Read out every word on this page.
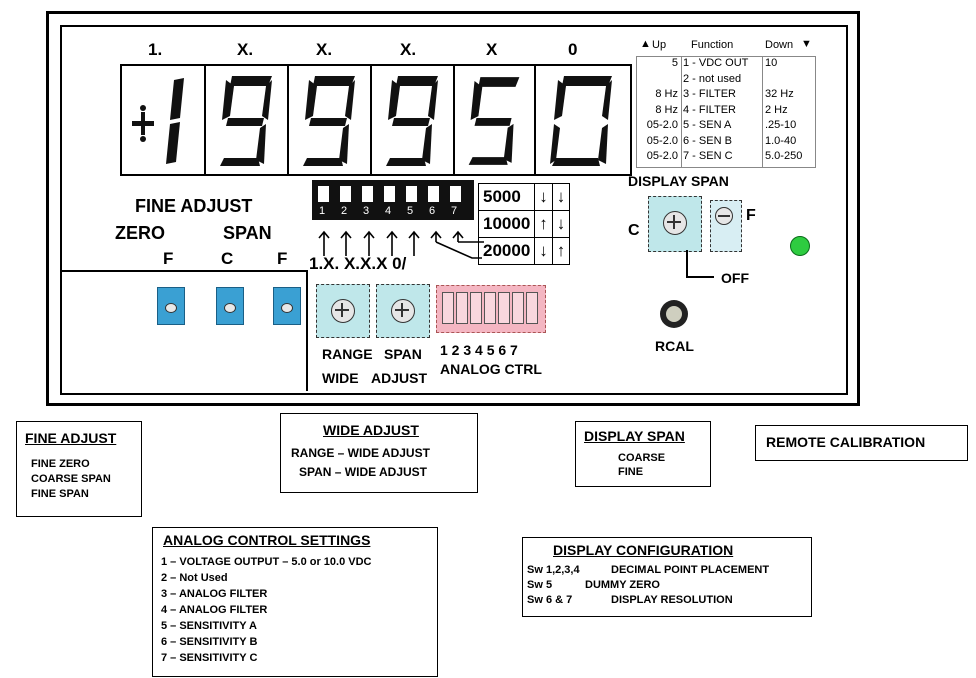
1.	X.	X.	X.	X	0	▲ Up Function	Down ▼
5 1 - VDC OUT 10
2 - not used
8 Hz 3 - FILTER	32 Hz
8 Hz 4 - FILTER	2 Hz
05-2.0 5 - SEN A	.25-10
05-2.0 6 - SEN B	1.0-40
05-2.0 7 - SEN C	5.0-250
DISPLAY SPAN
C
F
OFF
RCAL
FINE ADJUST
ZERO	SPAN
F	C	F
1 2 3 4 5 6 7
1.X. X.X.X 0/
5000	↓	↓
10000	↑	↓
20000	↓	↑
RANGE SPAN
WIDE ADJUST
1 2 3 4 5 6 7
ANALOG CTRL
FINE ADJUST
FINE ZERO
COARSE SPAN
FINE SPAN
WIDE ADJUST
RANGE – WIDE ADJUST
SPAN – WIDE ADJUST
DISPLAY SPAN
COARSE
FINE
REMOTE CALIBRATION
ANALOG CONTROL SETTINGS
1 – VOLTAGE OUTPUT – 5.0 or 10.0 VDC
2 – Not Used
3 – ANALOG FILTER
4 – ANALOG FILTER
5 – SENSITIVITY A
6 – SENSITIVITY B
7 – SENSITIVITY C
DISPLAY CONFIGURATION
Sw 1,2,3,4	DECIMAL POINT PLACEMENT
Sw 5	DUMMY ZERO
Sw 6 & 7	DISPLAY RESOLUTION
